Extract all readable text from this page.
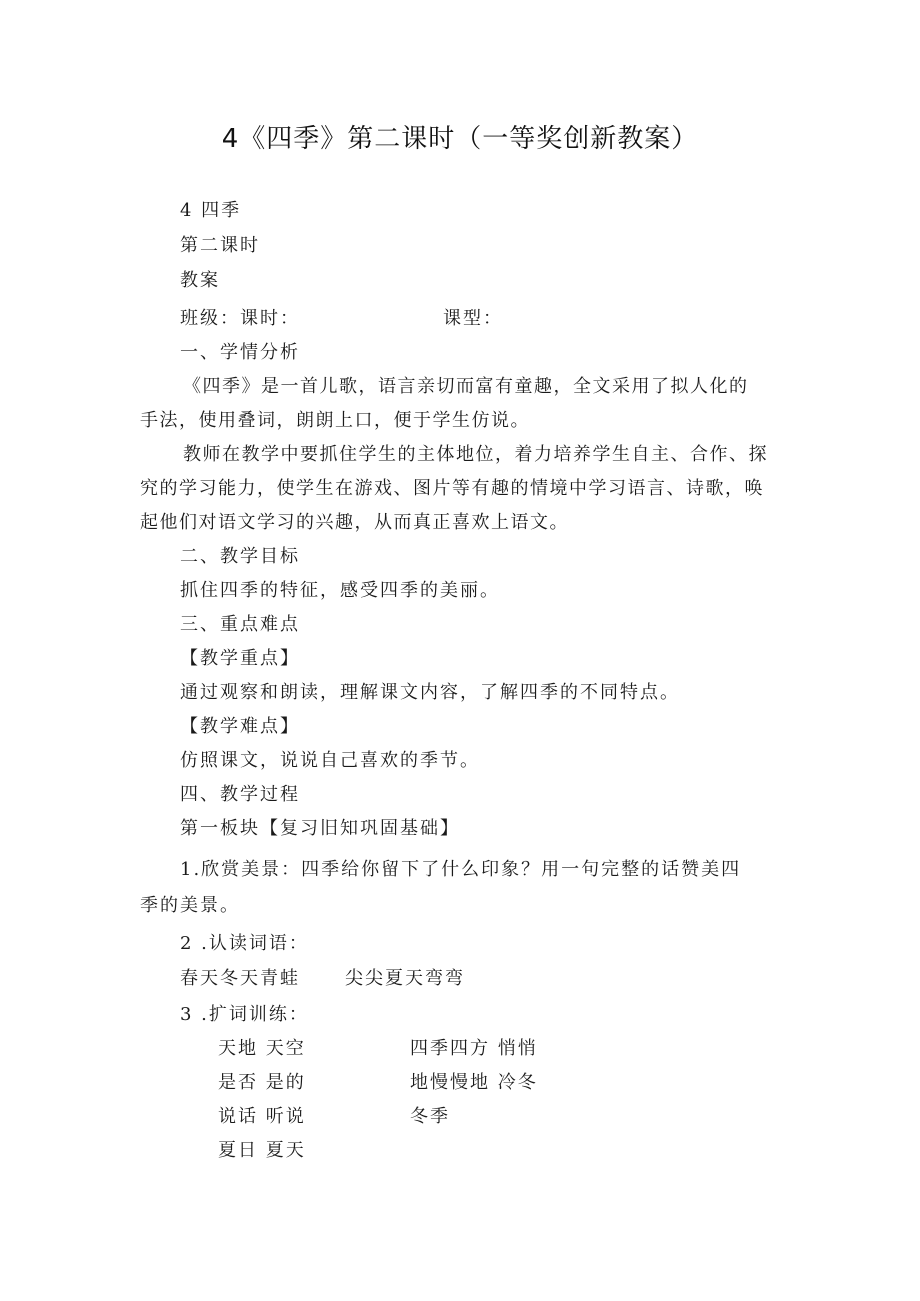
4《四季》第二课时（一等奖创新教案）
4 四季
第二课时
教案
班级：课时：	课型：
一、学情分析
《四季》是一首儿歌，语言亲切而富有童趣，全文采用了拟人化的
手法，使用叠词，朗朗上口，便于学生仿说。
教师在教学中要抓住学生的主体地位，着力培养学生自主、合作、探
究的学习能力，使学生在游戏、图片等有趣的情境中学习语言、诗歌，唤
起他们对语文学习的兴趣，从而真正喜欢上语文。
二、教学目标
抓住四季的特征，感受四季的美丽。
三、重点难点
【教学重点】
通过观察和朗读，理解课文内容，了解四季的不同特点。
【教学难点】
仿照课文，说说自己喜欢的季节。
四、教学过程
第一板块【复习旧知巩固基础】
1.欣赏美景：四季给你留下了什么印象？用一句完整的话赞美四
季的美景。
2 .认读词语：
春天冬天青蛙	尖尖夏天弯弯
3 .扩词训练：
天地 天空
是否 是的
说话 听说
夏日 夏天
四季四方 悄悄
地慢慢地 冷冬
冬季
